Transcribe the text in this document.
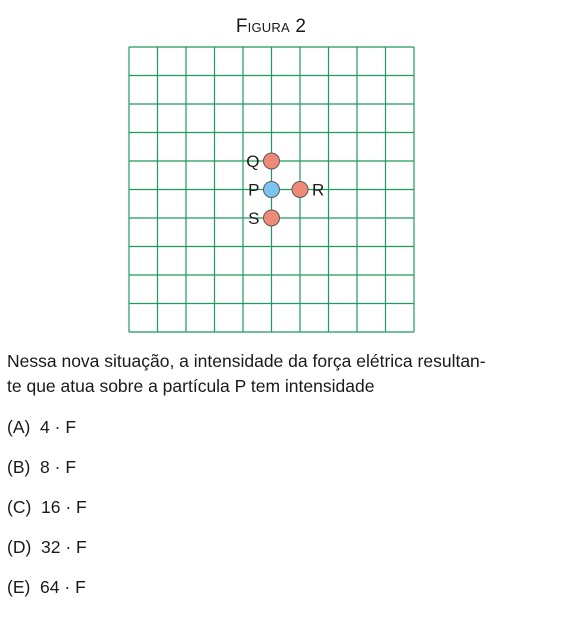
Figura 2
Q
P	R
S
Nessa nova situação, a intensidade da força elétrica resultan-
te que atua sobre a partícula P tem intensidade
(A)  4 · F
(B)  8 · F
(C)  16 · F
(D)  32 · F
(E)  64 · F
